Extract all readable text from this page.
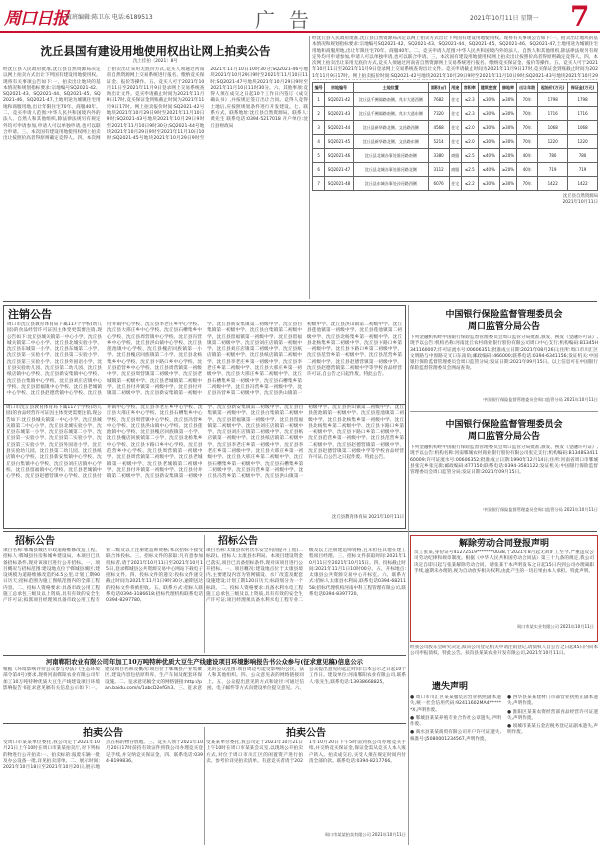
周口日报
值班编辑:陈卫东 电话:6189513	广告	2021年10月11日 星期一 7
沈丘县国有建设用地使用权出让网上拍卖公告
沈土挂拍〔2021〕8号
经沈丘县人民政府批准,沈丘县自然资源局决定以网上拍卖方式出让下列国有建设用地使用权。现将有关事项公告如下:一、拍卖出让地块的基本情况和规划指标要求:宗地编号SQ2021-42、SQ2021-43、SQ2021-44、SQ2021-45、SQ2021-46、SQ2021-47,土地用途为城镇住宅用地和商服用地,出让年限住宅70年、商服40年。二、竞买申请人范围:中华人民共和国境内外的法人、自然人和其他组织,除法律法规另有规定外均可申请参加,申请人可以单独申请,也可以联合申请。三、本次国有建设用地使用权网上拍卖出让按照价高者得原则确定竞得人。四、本次网上拍卖出让采用无底价方式,竞买人须通过河南省自然资源网上交易系统进行报名、缴纳竞买保证金、报价等操作。五、竞买人可于2021年10月11日至2021年11月9日登录网上交易系统查询出让文件。竞买申请截止时间为2021年11月9日17时,竞买保证金到账截止时间为2021年11月9日17时。网上拍卖报价时间:SQ2021-42号地块2021年10月29日9时至2021年11月10日9时;SQ2021-43号地块2021年10月29日9时至2021年11月10日9时30分;SQ2021-44号地块2021年10月29日9时至2021年11月10日10时;SQ2021-45号地块2021年10月29日9时至2021年11月10日10时30分;SQ2021-46号地块2021年10月29日9时至2021年11月10日11时;SQ2021-47号地块2021年10月29日9时至2021年11月10日11时30分。六、其他事项:竞得人须在成交之日起10个工作日内签订《成交确认书》,并按规定签订出让合同。竞得人竞得土地后,应按照规划条件进行开发建设。七、联系方式。联系地址:沈丘县自然资源局。联系人:黄先生 联系电话:0394-5217018 开户单位:沈丘县财政局
经沈丘县人民政府批准,沈丘县自然资源局决定以网上拍卖方式出让下列国有建设用地使用权。现将有关事项公告如下:一、拍卖出让地块的基本情况和规划指标要求:宗地编号SQ2021-42、SQ2021-43、SQ2021-44、SQ2021-45、SQ2021-46、SQ2021-47,土地用途为城镇住宅用地和商服用地,出让年限住宅70年、商服40年。二、竞买申请人范围:中华人民共和国境内外的法人、自然人和其他组织,除法律法规另有规定外均可申请参加,申请人可以单独申请,也可以联合申请。三、本次国有建设用地使用权网上拍卖出让按照价高者得原则确定竞得人。四、本次网上拍卖出让采用无底价方式,竞买人须通过河南省自然资源网上交易系统进行报名、缴纳竞买保证金、报价等操作。五、竞买人可于2021年10月11日至2021年11月9日登录网上交易系统查询出让文件。竞买申请截止时间为2021年11月9日17时,竞买保证金到账截止时间为2021年11月9日17时。网上拍卖报价时间:SQ2021-42号地块2021年10月29日9时至2021年11月10日9时;SQ2021-43号地块2021年10月29
编号	宗地编号	土地位置	面积(㎡)	用途	容积率	建筑密度	绿地率	出让年限	起始价(万元)	保证金(万元)
1	SQ2021-42	沈丘县千佛阁路南侧、兆丰大道西侧	7682	住宅	≤2.3	≤30%	≥30%	70年	1798	1798
2	SQ2021-43	沈丘县千佛阁路南侧、兆丰大道东侧	7320	住宅	≤2.3	≤30%	≥30%	70年	1716	1716
3	SQ2021-44	沈丘县新华路北侧、文昌路西侧	4568	住宅	≤2.0	≤30%	≥30%	70年	1068	1068
4	SQ2021-45	沈丘县新华路北侧、文昌路东侧	5214	住宅	≤2.0	≤30%	≥30%	70年	1220	1220
5	SQ2021-46	沈丘县北城办事处淮河路南侧	3380	商服	≤2.5	≤40%	≥20%	40年	780	780
6	SQ2021-47	沈丘县北城办事处淮河路北侧	3112	商服	≤2.5	≤40%	≥20%	40年	719	719
7	SQ2021-48	沈丘县东城办事处沙河路西侧	6076	住宅	≤2.2	≤30%	≥30%	70年	1422	1422
沈丘县自然资源局
2021年10月11日
注销公告
周口市沈丘县教育体育局下属117个学校(幼儿园)的食品经营许可证因主体变更需要注销,现公告如下:沈丘县城关镇第一中心小学、沈丘县城关镇第二中心小学、沈丘县北城实验小学、沈丘县东城第一小学、沈丘县东城第二小学、沈丘县第一实验小学、沈丘县第二实验小学、沈丘县第三实验小学、沈丘县外国语小学、沈丘县实验幼儿园、沈丘县第二幼儿园、沈丘县纸店镇中心学校、沈丘县新安集镇中心学校、沈丘县白集镇中心学校、沈丘县刘庄店镇中心学校、沈丘县留福镇中心学校、沈丘县老城镇中心学校、沈丘县赵德营镇中心学校、沈丘县付井镇中心学校、沈丘县李老庄乡中心学校、沈丘县大邢庄乡中心学校、沈丘县石槽集乡中心学校、沈丘县周营镇中心学校、沈丘县冯营乡中心学校、沈丘县洪山镇中心学校、沈丘县莲池镇中心学校、沈丘县槐店回族镇第一小学、沈丘县槐店回族镇第二小学、沈丘县北杨集乡中心学校、沈丘县卞路口乡中心学校、沈丘县范营乡中心学校、沈丘县周营镇第一初级中学、沈丘县周营镇第二初级中学、沈丘县老城镇第一初级中学、沈丘县老城镇第二初级中学、沈丘县付井镇第一初级中学、沈丘县付井镇第二初级中学、沈丘县新安集镇第一初级中学、沈丘县新安集镇第二初级中学、沈丘县白集镇第一初级中学、沈丘县白集镇第二初级中学、沈丘县留福镇第一初级中学、沈丘县留福镇第二初级中学、沈丘县刘庄店镇第一初级中学、沈丘县刘庄店镇第二初级中学、沈丘县纸店镇第一初级中学、沈丘县纸店镇第二初级中学、沈丘县李老庄乡第一初级中学、沈丘县李老庄乡第二初级中学、沈丘县大邢庄乡第一初级中学、沈丘县大邢庄乡第二初级中学、沈丘县石槽集乡第一初级中学、沈丘县石槽集乡第二初级中学、沈丘县冯营乡第一初级中学、沈丘县冯营乡第二初级中学、沈丘县洪山镇第一初级中学、沈丘县洪山镇第二初级中学、沈丘县莲池镇第一初级中学、沈丘县莲池镇第二初级中学、沈丘县北杨集乡第一初级中学、沈丘县北杨集乡第二初级中学、沈丘县卞路口乡第一初级中学、沈丘县卞路口乡第二初级中学、沈丘县范营乡第一初级中学、沈丘县范营乡第二初级中学、沈丘县赵德营镇第一初级中学、沈丘县赵德营镇第二初级中学等学校食品经营许可证,自公告之日起作废。特此公告。
周口市沈丘县教育体育局下属117个学校(幼儿园)的食品经营许可证因主体变更需要注销,现公告如下:沈丘县城关镇第一中心小学、沈丘县城关镇第二中心小学、沈丘县北城实验小学、沈丘县东城第一小学、沈丘县东城第二小学、沈丘县第一实验小学、沈丘县第二实验小学、沈丘县第三实验小学、沈丘县外国语小学、沈丘县实验幼儿园、沈丘县第二幼儿园、沈丘县纸店镇中心学校、沈丘县新安集镇中心学校、沈丘县白集镇中心学校、沈丘县刘庄店镇中心学校、沈丘县留福镇中心学校、沈丘县老城镇中心学校、沈丘县赵德营镇中心学校、沈丘县付井镇中心学校、沈丘县李老庄乡中心学校、沈丘县大邢庄乡中心学校、沈丘县石槽集乡中心学校、沈丘县周营镇中心学校、沈丘县冯营乡中心学校、沈丘县洪山镇中心学校、沈丘县莲池镇中心学校、沈丘县槐店回族镇第一小学、沈丘县槐店回族镇第二小学、沈丘县北杨集乡中心学校、沈丘县卞路口乡中心学校、沈丘县范营乡中心学校、沈丘县周营镇第一初级中学、沈丘县周营镇第二初级中学、沈丘县老城镇第一初级中学、沈丘县老城镇第二初级中学、沈丘县付井镇第一初级中学、沈丘县付井镇第二初级中学、沈丘县新安集镇第一初级中学、沈丘县新安集镇第二初级中学、沈丘县白集镇第一初级中学、沈丘县白集镇第二初级中学、沈丘县留福镇第一初级中学、沈丘县留福镇第二初级中学、沈丘县刘庄店镇第一初级中学、沈丘县刘庄店镇第二初级中学、沈丘县纸店镇第一初级中学、沈丘县纸店镇第二初级中学、沈丘县李老庄乡第一初级中学、沈丘县李老庄乡第二初级中学、沈丘县大邢庄乡第一初级中学、沈丘县大邢庄乡第二初级中学、沈丘县石槽集乡第一初级中学、沈丘县石槽集乡第二初级中学、沈丘县冯营乡第一初级中学、沈丘县冯营乡第二初级中学、沈丘县洪山镇第一初级中学、沈丘县洪山镇第二初级中学、沈丘县莲池镇第一初级中学、沈丘县莲池镇第二初级中学、沈丘县北杨集乡第一初级中学、沈丘县北杨集乡第二初级中学、沈丘县卞路口乡第一初级中学、沈丘县卞路口乡第二初级中学、沈丘县范营乡第一初级中学、沈丘县范营乡第二初级中学、沈丘县赵德营镇第一初级中学、沈丘县赵德营镇第二初级中学等学校食品经营许可证,自公告之日起作废。特此公告。
沈丘县教育体育局 2021年10月11日
中国银行保险监督管理委员会
周口监管分局公告
下列金融机构经中国银行保险监督管理委员会周口监管分局批准,颁发、换发《金融许可证》,现予以公告:机构名称:河南沈丘农村商业银行股份有限公司周口中心支行;机构编码:B1345H341160007;许可证流水号:00606351;批准成立日期:2021年08月26日;住所:周口市川汇区文明路与中原路交叉口东南角;邮政编码:466000;联系电话:0394-6341156;发证机关:中国银行保险监督管理委员会周口监管分局;发证日期:2021年09月15日。以上信息可在中国银行保险监督管理委员会网站查询。
中国银行保险监督管理委员会周口监管分局 2021年10月11日
中国银行保险监督管理委员会
周口监管分局公告
下列金融机构经中国银行保险监督管理委员会周口监管分局批准,颁发、换发《金融许可证》,现予以公告:机构名称:河南郸城农村商业银行股份有限公司张完支行;机构编码:B1348S341160009;许可证流水号:00606352;批准成立日期:1990年12月14日;住所:河南省周口市郸城县张完乡张完街;邮政编码:477150;联系电话:0394-3581122;发证机关:中国银行保险监督管理委员会周口监管分局;发证日期:2021年09月15日。
中国银行保险监督管理委员会周口监管分局 2021年10月11日
招标公告
项目名称:郸城县城区市政道路维修改造工程。招标人:郸城县住房和城乡建设局。本项目已具备招标条件,现对该项目进行公开招标。一、项目概况与招标范围:建设地点位于郸城县城区;建设规模为道路维修改造约4.5公里,计划工期90日历天;招标范围为施工图纸范围内的全部工程内容。二、投标人资格要求:具备市政公用工程施工总承包三级及以上资质,具有有效的安全生产许可证;拟派项目经理须具备市政公用工程专业二级及以上注册建造师资格;本次招标不接受联合体投标。三、招标文件的获取:凡有意参加投标者,请于2021年10月11日至2021年10月15日,登录郸城县公共资源交易中心网站下载电子招标文件。四、投标文件的递交:投标文件递交截止时间为2021年11月1日9时30分,逾期送达的投标文件将被拒收。五、联系方式:招标人联系电话0394-3186618;招标代理机构联系电话0394-8297780。
招标公告
项目名称:太康县农村饮水安全巩固提升工程(二标段)。招标人:太康县水利局。本项目建设资金已落实,项目已具备招标条件,现对该项目进行公开招标。一、项目概况:建设地点位于太康县境内,主要建设内容为管网铺设、水厂改造及配套设施建设;计划工期120日历天;标段划分为一个标段。二、投标人资格要求:具备水利水电工程施工总承包三级及以上资质,具有有效的安全生产许可证;项目经理须具备水利水电工程专业二级及以上注册建造师资格,且未担任其他在建工程项目经理。三、招标文件获取时间:2021年10月11日至2021年10月15日。四、投标截止时间:2021年11月1日10时00分。五、开标地点:太康县公共资源交易中心开标室。六、联系方式:招标人太康县水利局,联系电话0394-6821158;招标代理机构河南中科工程管理有限公司,联系电话0394-8397720。
解除劳动合同登报声明
员工张某,身份证号41272519*******0038,于2021年8月起无故旷工至今,严重违反公司劳动纪律和规章制度。根据《中华人民共和国劳动合同法》第三十九条的规定,我公司决定自即日起与张某解除劳动合同。请张某于本声明发布之日起15日内到公司办理离职手续,逾期未办理的,视为自动放弃相关权利,由此产生的一切后果由本人承担。特此声明。
周口市某实业有限公司 2021年10月11日
河南郸阳农业有限公司年加工10万吨特种优质大豆生产线建设项目环境影响报告书公众参与(征求意见稿)信息公示
根据《环境影响评价公众参与办法》(生态环境部令第4号)要求,现将河南郸阳农业有限公司年加工10万吨特种优质大豆生产线建设项目环境影响报告书征求意见稿有关信息公示如下:一、建设项目名称及概况:项目位于郸城县产业集聚区,建设内容包括原料库、生产车间及配套环保设施。二、征求意见稿全文的网络链接:http://pan.baidu.com/s/1abcD2efGh3。三、征求意见的公众范围:项目周边可能受影响的公民、法人和其他组织。四、公众意见表的网络链接同上。五、公众提出意见的方式和途径:可通过信函、电子邮件等方式向建设单位提交意见。六、公众提出意见的起止时间:自本公示之日起10个工作日。建设单位:河南郸阳农业有限公司,联系人:张先生,联系电话:13938668825。
经我公司股东会研究决定,拟向公司登记机关申请注销登记,请债权人自公告之日起45日内向本公司申报债权。特此公告。扶沟县某某农业开发有限公司,2021年10月11日。
遗失声明

● 周口市川汇区某某服装店营业执照副本遗失,统一社会信用代码:92411602MA4******X,声明作废。

● 郸城县某某养殖专业合作社公章遗失,声明作废。

● 商水县某某商贸有限公司开户许可证遗失,核准号:J5080001234567,声明作废。

● 西华县某某建材门市部营业执照正副本遗失,声明作废。

● 淮阳区某某农资经营部食品经营许可证遗失,声明作废。

● 项城市某某五金店税务登记证副本遗失,声明作废。

拍卖公告
受周口市某某单位委托,我公司定于2021年10月21日上午10时在周口市某某拍卖厅,对下列标的物进行公开拍卖:一、拍卖标的:报废车辆一批及办公设备一批,详见拍卖清单。二、展示时间:2021年10月18日至2021年10月20日,展示地点在标的物存放地。三、竞买人须于2021年10月20日17时前持有效证件到我公司办理竞买登记手续,并交纳竞买保证金。四、联系电话:0394-8199836。
拍卖公告
受某某单位委托,我公司定于2021年10月21日上午10时在周口市某某会议室,以现场公开拍卖方式,对位于周口市川汇区的闲置资产进行拍卖。参考价详见拍卖清单。有意竞买者请于2021年10月20日下午5时前到我公司办理竞买手续,并交纳竞买保证金,保证金需从竞买人本人账户转入。拍卖成交后,买受人须在规定时间内付清全部价款。联系电话:0394-8217766。
周口市某某拍卖有限公司 2021年10月11日
